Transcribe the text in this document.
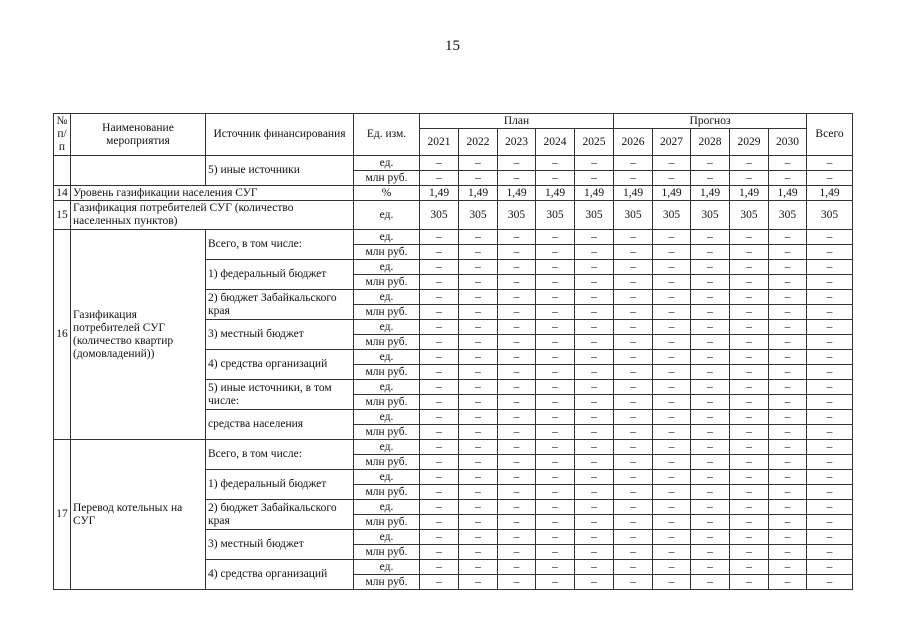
15
№ п/п	Наименование мероприятия	Источник финансирования	Ед. изм.	План					Прогноз					Всего
				2021	2022	2023	2024	2025	2026	2027	2028	2029	2030	
		5) иные источники	ед.	–	–	–	–	–	–	–	–	–	–	–
			млн руб.	–	–	–	–	–	–	–	–	–	–	–
14	Уровень газификации населения СУГ		%	1,49	1,49	1,49	1,49	1,49	1,49	1,49	1,49	1,49	1,49	1,49
15	Газификация потребителей СУГ (количество населенных пунктов)		ед.	305	305	305	305	305	305	305	305	305	305	305
16	Газификация потребителей СУГ (количество квартир (домовладений))	Всего, в том числе:	ед.	–	–	–	–	–	–	–	–	–	–	–
			млн руб.	–	–	–	–	–	–	–	–	–	–	–
		1) федеральный бюджет	ед.	–	–	–	–	–	–	–	–	–	–	–
			млн руб.	–	–	–	–	–	–	–	–	–	–	–
		2) бюджет Забайкальского края	ед.	–	–	–	–	–	–	–	–	–	–	–
			млн руб.	–	–	–	–	–	–	–	–	–	–	–
		3) местный бюджет	ед.	–	–	–	–	–	–	–	–	–	–	–
			млн руб.	–	–	–	–	–	–	–	–	–	–	–
		4) средства организаций	ед.	–	–	–	–	–	–	–	–	–	–	–
			млн руб.	–	–	–	–	–	–	–	–	–	–	–
		5) иные источники, в том числе:	ед.	–	–	–	–	–	–	–	–	–	–	–
			млн руб.	–	–	–	–	–	–	–	–	–	–	–
		средства населения	ед.	–	–	–	–	–	–	–	–	–	–	–
			млн руб.	–	–	–	–	–	–	–	–	–	–	–
17	Перевод котельных на СУГ	Всего, в том числе:	ед.	–	–	–	–	–	–	–	–	–	–	–
			млн руб.	–	–	–	–	–	–	–	–	–	–	–
		1) федеральный бюджет	ед.	–	–	–	–	–	–	–	–	–	–	–
			млн руб.	–	–	–	–	–	–	–	–	–	–	–
		2) бюджет Забайкальского края	ед.	–	–	–	–	–	–	–	–	–	–	–
			млн руб.	–	–	–	–	–	–	–	–	–	–	–
		3) местный бюджет	ед.	–	–	–	–	–	–	–	–	–	–	–
			млн руб.	–	–	–	–	–	–	–	–	–	–	–
		4) средства организаций	ед.	–	–	–	–	–	–	–	–	–	–	–
			млн руб.	–	–	–	–	–	–	–	–	–	–	–
